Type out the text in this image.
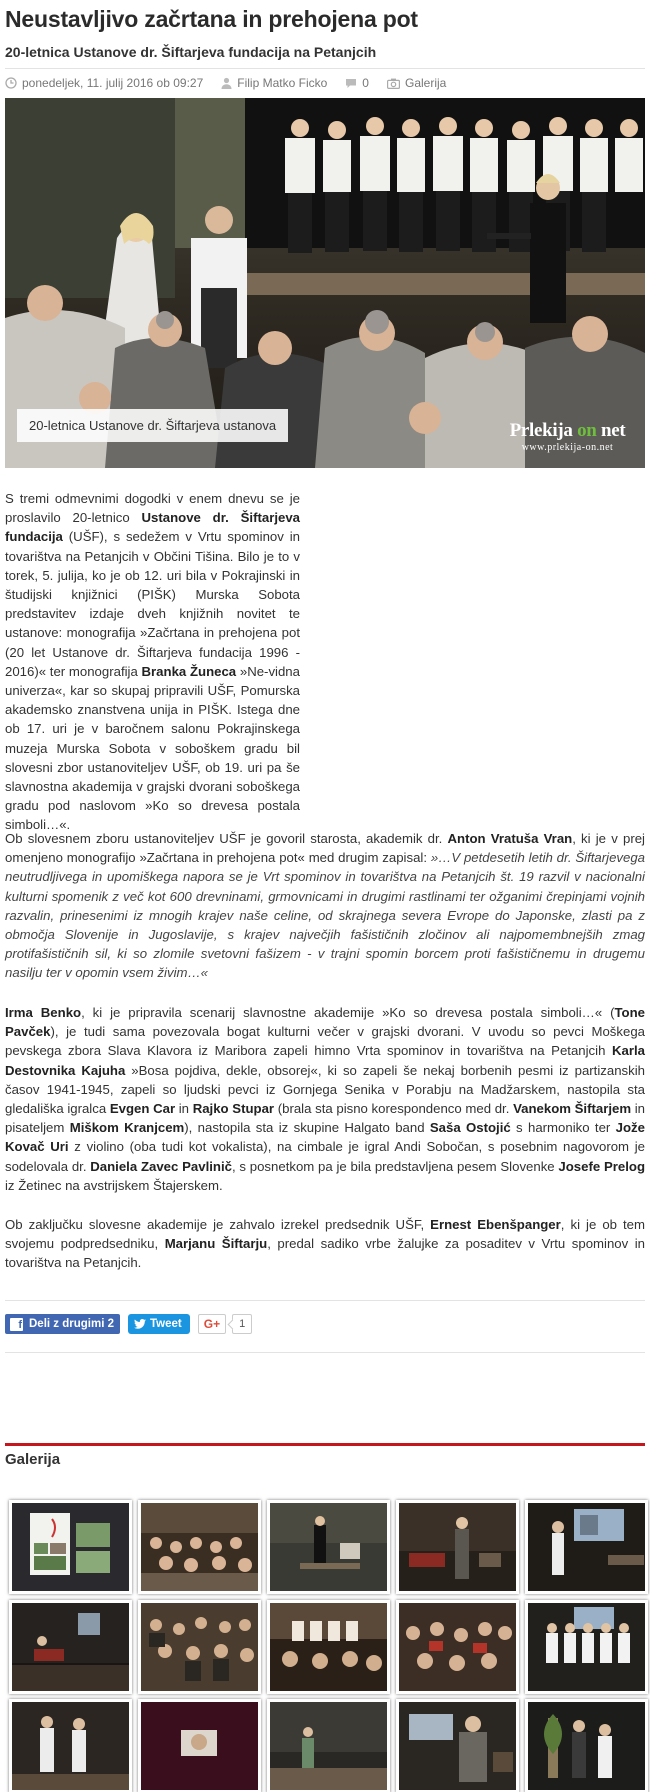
Neustavljivo začrtana in prehojena pot
20-letnica Ustanove dr. Šiftarjeva fundacija na Petanjcih
ponedeljek, 11. julij 2016 ob 09:27	Filip Matko Ficko	0	Galerija
20-letnica Ustanove dr. Šiftarjeva ustanova	Prlekija on net
www.prlekija-on.net

S tremi odmevnimi dogodki v enem dnevu se je proslavilo 20-letnico Ustanove dr. Šiftarjeva fundacija (UŠF), s sedežem v Vrtu spominov in tovarištva na Petanjcih v Občini Tišina. Bilo je to v torek, 5. julija, ko je ob 12. uri bila v Pokrajinski in študijski knjižnici (PIŠK) Murska Sobota predstavitev izdaje dveh knjižnih novitet te ustanove: monografija »Začrtana in prehojena pot (20 let Ustanove dr. Šiftarjeva fundacija 1996 - 2016)« ter monografija Branka Žuneca »Ne-vidna univerza«, kar so skupaj pripravili UŠF, Pomurska akademsko znanstvena unija in PIŠK. Istega dne ob 17. uri je v baročnem salonu Pokrajinskega muzeja Murska Sobota v soboškem gradu bil slovesni zbor ustanoviteljev UŠF, ob 19. uri pa še slavnostna akademija v grajski dvorani soboškega gradu pod naslovom »Ko so drevesa postala simboli…«.

Ob slovesnem zboru ustanoviteljev UŠF je govoril starosta, akademik dr. Anton Vratuša Vran, ki je v prej omenjeno monografijo »Začrtana in prehojena pot« med drugim zapisal: »…V petdesetih letih dr. Šiftarjevega neutrudljivega in upomiškega napora se je Vrt spominov in tovarištva na Petanjcih št. 19 razvil v nacionalni kulturni spomenik z več kot 600 drevninami, grmovnicami in drugimi rastlinami ter ožganimi črepinjami vojnih razvalin, prinesenimi iz mnogih krajev naše celine, od skrajnega severa Evrope do Japonske, zlasti pa z območja Slovenije in Jugoslavije, s krajev največjih fašističnih zločinov ali najpomembnejših zmag protifašističnih sil, ki so zlomile svetovni fašizem - v trajni spomin borcem proti fašističnemu in drugemu nasilju ter v opomin vsem živim…«

Irma Benko, ki je pripravila scenarij slavnostne akademije »Ko so drevesa postala simboli…« (Tone Pavček), je tudi sama povezovala bogat kulturni večer v grajski dvorani. V uvodu so pevci Moškega pevskega zbora Slava Klavora iz Maribora zapeli himno Vrta spominov in tovarištva na Petanjcih Karla Destovnika Kajuha »Bosa pojdiva, dekle, obsoreј«, ki so zapeli še nekaj borbenih pesmi iz partizanskih časov 1941-1945, zapeli so ljudski pevci iz Gornjega Senika v Porabju na Madžarskem, nastopila sta gledališka igralca Evgen Car in Rajko Stupar (brala sta pisno korespondenco med dr. Vanekom Šiftarjem in pisateljem Miškom Kranjcem), nastopila sta iz skupine Halgato band Saša Ostojić s harmoniko ter Jože Kovač Uri z violino (oba tudi kot vokalista), na cimbale je igral Andi Sobočan, s posebnim nagovorom je sodelovala dr. Daniela Zavec Pavlinič, s posnetkom pa je bila predstavljena pesem Slovenke Josefe Prelog iz Žetinec na avstrijskem Štajerskem.

Ob zaključku slovesne akademije je zahvalo izrekel predsednik UŠF, Ernest Ebenšpanger, ki je ob tem svojemu podpredsedniku, Marjanu Šiftarju, predal sadiko vrbe žalujke za posaditev v Vrtu spominov in tovarištva na Petanjcih.

f Deli z drugimi 2	Tweet G+	1
Galerija
